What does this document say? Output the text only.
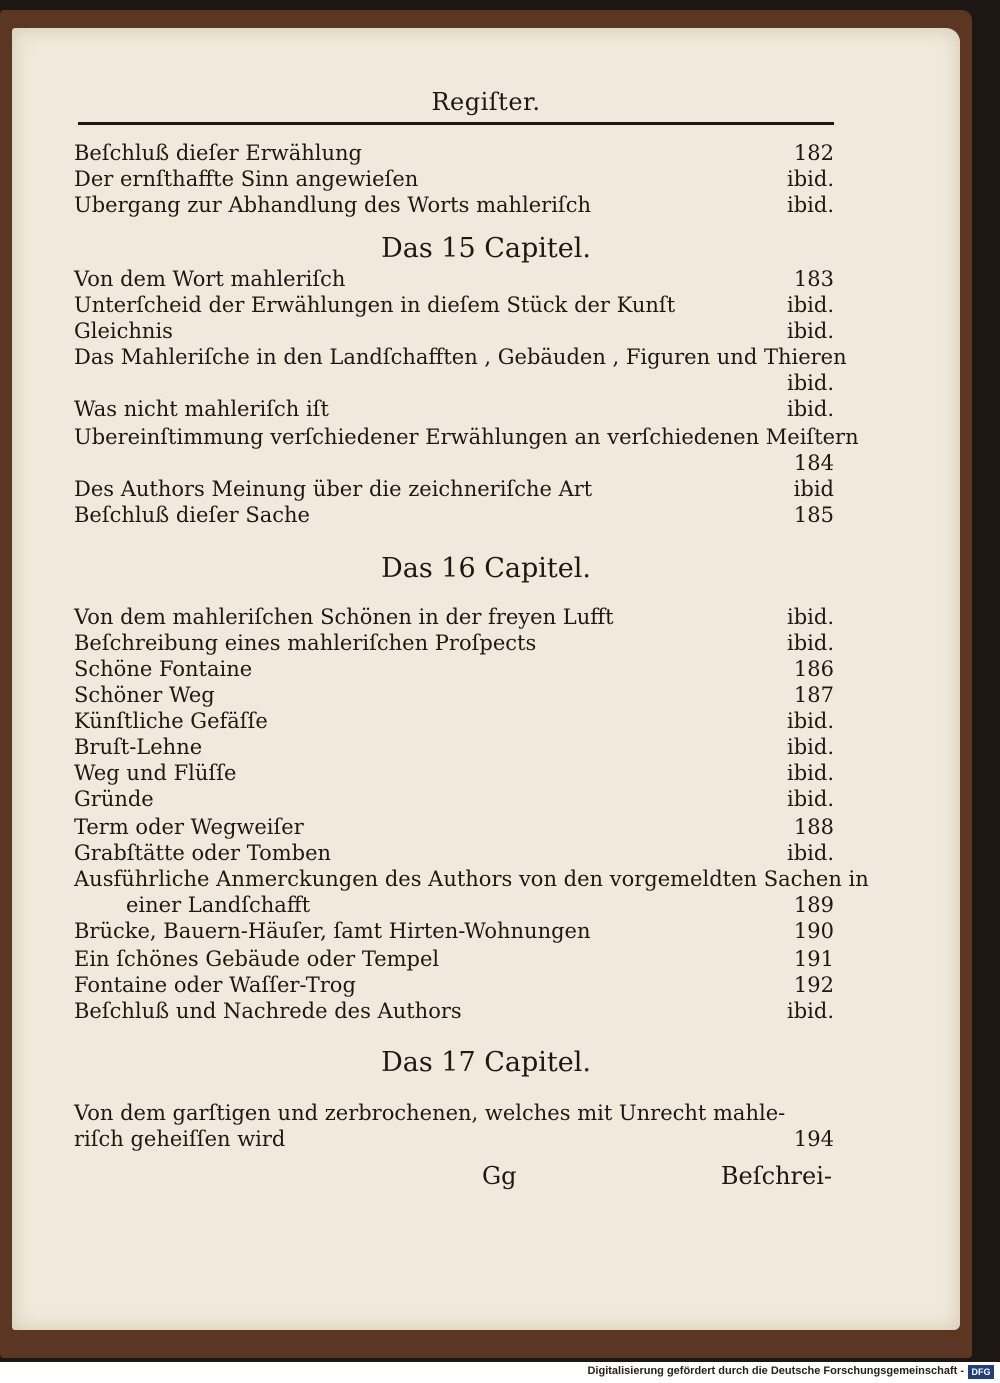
Regiſter.
Beſchluß dieſer Erwählung	182
Der ernſthaffte Sinn angewieſen	ibid.
Ubergang zur Abhandlung des Worts mahleriſch	ibid.
Das 15 Capitel.
Von dem Wort mahleriſch	183
Unterſcheid der Erwählungen in dieſem Stück der Kunſt	ibid.
Gleichnis	ibid.
Das Mahleriſche in den Landſchafften , Gebäuden , Figuren und Thieren
ibid.
Was nicht mahleriſch iſt	ibid.
Ubereinſtimmung verſchiedener Erwählungen an verſchiedenen Meiſtern
184
Des Authors Meinung über die zeichneriſche Art	ibid
Beſchluß dieſer Sache	185
Das 16 Capitel.
Von dem mahleriſchen Schönen in der freyen Lufft	ibid.
Beſchreibung eines mahleriſchen Proſpects	ibid.
Schöne Fontaine	186
Schöner Weg	187
Künſtliche Gefäſſe	ibid.
Bruſt-Lehne	ibid.
Weg und Flüſſe	ibid.
Gründe	ibid.
Term oder Wegweiſer	188
Grabſtätte oder Tomben	ibid.
Ausführliche Anmerckungen des Authors von den vorgemeldten Sachen in
einer Landſchafft	189
Brücke, Bauern-Häuſer, ſamt Hirten-Wohnungen	190
Ein ſchönes Gebäude oder Tempel	191
Fontaine oder Waſſer-Trog	192
Beſchluß und Nachrede des Authors	ibid.
Das 17 Capitel.
Von dem garſtigen und zerbrochenen, welches mit Unrecht mahle-
riſch geheiſſen wird	194
Gg	Beſchrei-
Digitalisierung gefördert durch die Deutsche Forschungsgemeinschaft - DFG
